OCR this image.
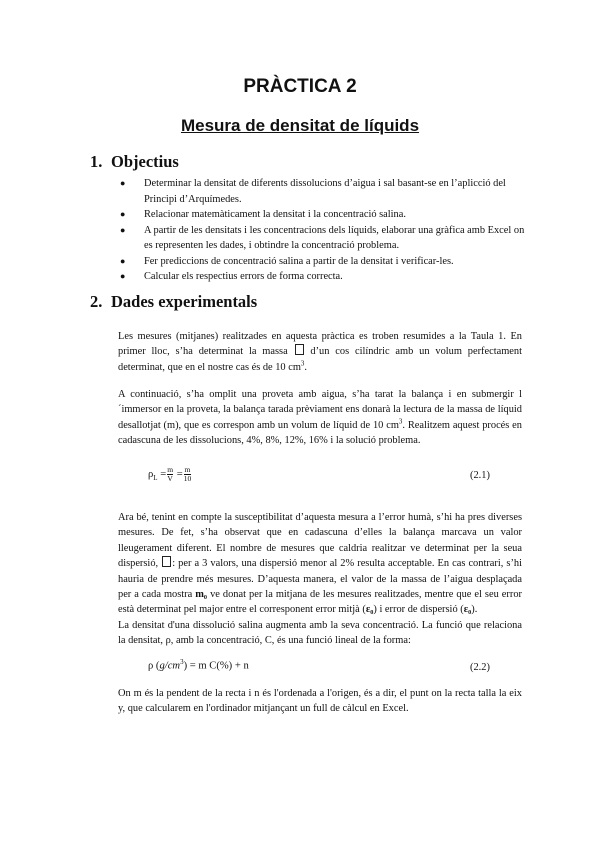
PRÀCTICA 2
Mesura de densitat de líquids
1. Objectius
● Determinar la densitat de diferents dissolucions d’aigua i sal basant-se en l’aplicció del Principi d’Arquímedes.
● Relacionar matemàticament la densitat i la concentració salina.
● A partir de les densitats i les concentracions dels líquids, elaborar una gràfica amb Excel on es representen les dades, i obtindre la concentració problema.
● Fer prediccions de concentració salina a partir de la densitat i verificar-les.
● Calcular els respectius errors de forma correcta.
2. Dades experimentals
Les mesures (mitjanes) realitzades en aquesta pràctica es troben resumides a la Taula 1. En primer lloc, s’ha determinat la massa  d’un cos cilíndric amb un volum perfectament determinat, que en el nostre cas és de 10 $cm^3$.
A continuació, s’ha omplit una proveta amb aigua, s’ha tarat la balança i en submergir l´immersor en la proveta, la balança tarada prèviament ens donarà la lectura de la massa de líquid desallotjat (m), que es correspon amb un volum de líquid de 10 $cm^3$. Realitzem aquest procés en cadascuna de les dissolucions, 4%, 8%, 12%, 16% i la solució problema.
$\rho_L = \frac{m}{V} = \frac{m}{10}$	(2.1)
Ara bé, tenint en compte la susceptibilitat d’aquesta mesura a l’error humà, s’hi ha pres diverses mesures. De fet, s’ha observat que en cadascuna d’elles la balança marcava un valor lleugerament diferent. El nombre de mesures que caldria realitzar ve determinat per la seua dispersió, : per a 3 valors, una dispersió menor al 2% resulta acceptable. En cas contrari, s’hi hauria de prendre més mesures. D’aquesta manera, el valor de la massa de l’aigua desplaçada per a cada mostra m₀ ve donat per la mitjana de les mesures realitzades, mentre que el seu error està determinat pel major entre el corresponent error mitjà (ε₀) i error de dispersió (ε₀).
La densitat d'una dissolució salina augmenta amb la seva concentració. La funció que relaciona la densitat, ρ, amb la concentració, C, és una funció lineal de la forma:
ρ $(g/cm^3) = m$ C(%) + n	(2.2)
On m és la pendent de la recta i n és l'ordenada a l'origen, és a dir, el punt on la recta talla la eix y, que calcularem en l'ordinador mitjançant un full de càlcul en Excel.
